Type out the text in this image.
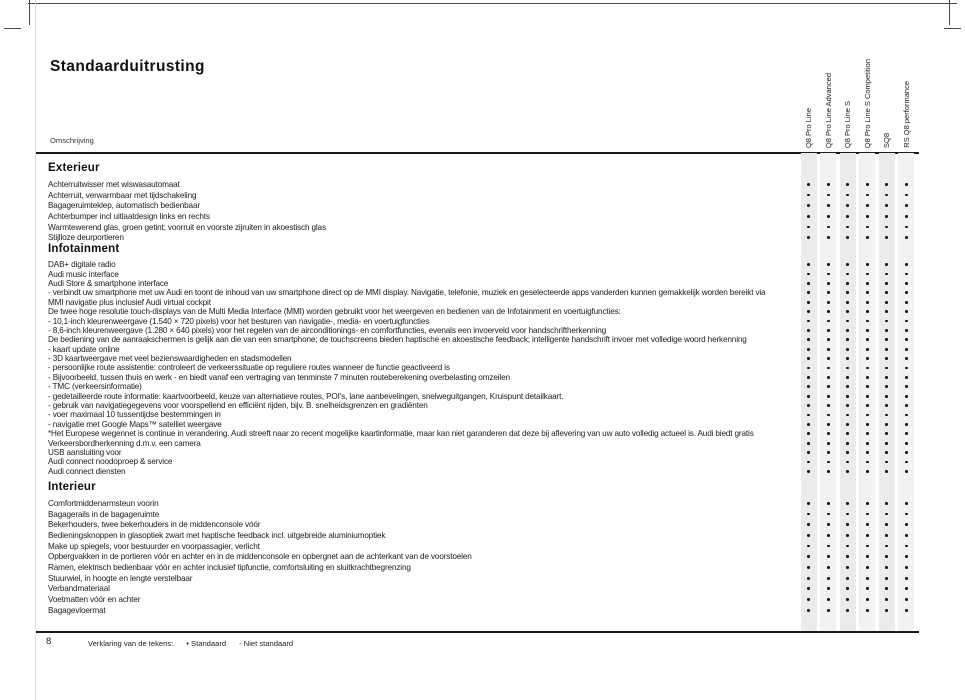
Standaarduitrusting
Q8 Pro Line Q8 Pro Line Advanced Q8 Pro Line S Q8 Pro Line S Competition SQ8 RS Q8 performance
Omschrijving
Exterieur
Achterruitwisser met wiswasautomaat
Achterruit, verwarmbaar met tijdschakeling
Bagageruimteklep, automatisch bedienbaar
Achterbumper incl uitlaatdesign links en rechts
Warmtewerend glas, groen getint; voorruit en voorste zijruiten in akoestisch glas
Stijlloze deurportieren
Infotainment
DAB+ digitale radio
Audi music interface
Audi Store & smartphone interface
- verbindt uw smartphone met uw Audi en toont de inhoud van uw smartphone direct op de MMI display. Navigatie, telefonie, muziek en geselecteerde apps vanderden kunnen gemakkelijk worden bereikt via
MMI navigatie plus inclusief Audi virtual cockpit
De twee hoge resolutie touch-displays van de Multi Media Interface (MMI) worden gebruikt voor het weergeven en bedienen van de Infotainment en voertuigfuncties:
- 10,1-inch kleurenweergave (1.540 × 720 pixels) voor het besturen van navigatie-, media- en voertuigfuncties
- 8,6-inch kleurenweergave (1.280 × 640 pixels) voor het regelen van de airconditionings- en comfortfuncties, evenals een invoerveld voor handschriftherkenning
De bediening van de aanraakschermen is gelijk aan die van een smartphone; de touchscreens bieden haptische en akoestische feedback; intelligente handschrift invoer met volledige woord herkenning
- kaart update online
- 3D kaartweergave met veel bezienswaardigheden en stadsmodellen
- persoonlijke route assistentie: controleert de verkeerssituatie op reguliere routes wanneer de functie geactiveerd is
- Bijvoorbeeld, tussen thuis en werk - en biedt vanaf een vertraging van tenminste 7 minuten routeberekening overbelasting omzeilen
- TMC (verkeersinformatie)
- gedetailleerde route informatie: kaartvoorbeeld, keuze van alternatieve routes, POI's, lane aanbevelingen, snelweguitgangen, Kruispunt detailkaart.
- gebruik van navigatiegegevens voor voorspellend en efficiënt rijden, bijv. B. snelheidsgrenzen en gradiënten
- voer maximaal 10 tussentijdse bestemmingen in
- navigatie met Google Maps™ satelliet weergave
*Het Europese wegennet is continue in verandering. Audi streeft naar zo recent mogelijke kaartinformatie, maar kan niet garanderen dat deze bij aflevering van uw auto volledig actueel is. Audi biedt gratis
Verkeersbordherkenning d.m.v. een camera
USB aansluiting voor
Audi connect noodoproep & service
Audi connect diensten
Interieur
Comfortmiddenarmsteun voorin
Bagagerails in de bagageruimte
Bekerhouders, twee bekerhouders in de middenconsole vóór
Bedieningsknoppen in glasoptiek zwart met haptische feedback incl. uitgebreide aluminiumoptiek
Make up spiegels, voor bestuurder en voorpassagier, verlicht
Opbergvakken in de portieren vóór en achter en in de middenconsole en opbergnet aan de achterkant van de voorstoelen
Ramen, elektrisch bedienbaar vóór en achter inclusief tipfunctie, comfortsluiting en sluitkrachtbegrenzing
Stuurwiel, in hoogte en lengte verstelbaar
Verbandmateriaal
Voetmatten vóór en achter
Bagagevloermat
8	Verklaring van de tekens: • Standaard - Niet standaard
